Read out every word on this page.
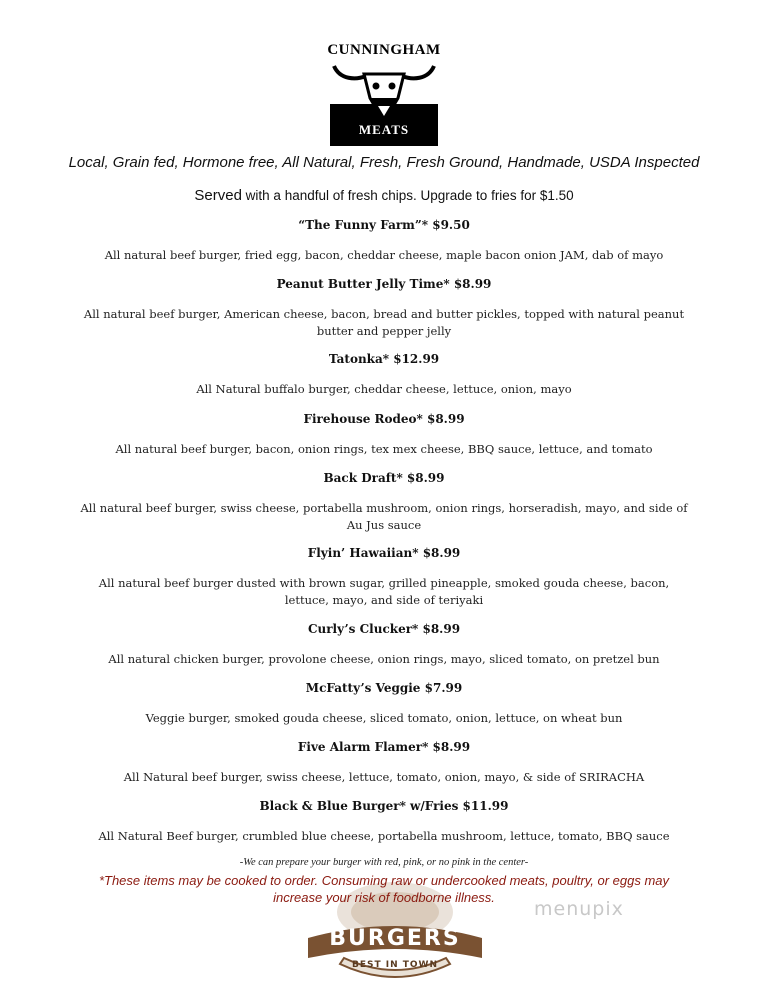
CUNNINGHAM
MEATS
Local, Grain fed, Hormone free, All Natural, Fresh, Fresh Ground, Handmade, USDA Inspected
Served with a handful of fresh chips. Upgrade to fries for $1.50
“The Funny Farm”* $9.50
All natural beef burger, fried egg, bacon, cheddar cheese, maple bacon onion JAM, dab of mayo
Peanut Butter Jelly Time* $8.99
All natural beef burger, American cheese, bacon, bread and butter pickles, topped with natural peanut butter and pepper jelly
Tatonka* $12.99
All Natural buffalo burger, cheddar cheese, lettuce, onion, mayo
Firehouse Rodeo* $8.99
All natural beef burger, bacon, onion rings, tex mex cheese, BBQ sauce, lettuce, and tomato
Back Draft* $8.99
All natural beef burger, swiss cheese, portabella mushroom, onion rings, horseradish, mayo, and side of Au Jus sauce
Flyin’ Hawaiian* $8.99
All natural beef burger dusted with brown sugar, grilled pineapple, smoked gouda cheese, bacon, lettuce, mayo, and side of teriyaki
Curly’s Clucker* $8.99
All natural chicken burger, provolone cheese, onion rings, mayo, sliced tomato, on pretzel bun
McFatty’s Veggie $7.99
Veggie burger, smoked gouda cheese, sliced tomato, onion, lettuce, on wheat bun
Five Alarm Flamer* $8.99
All Natural beef burger, swiss cheese, lettuce, tomato, onion, mayo, & side of SRIRACHA
Black & Blue Burger* w/Fries $11.99
All Natural Beef burger, crumbled blue cheese, portabella mushroom, lettuce, tomato, BBQ sauce
-We can prepare your burger with red, pink, or no pink in the center-
BURGERS
BEST IN TOWN
*These items may be cooked to order. Consuming raw or undercooked meats, poultry, or eggs may increase your risk of foodborne illness.
menupix
